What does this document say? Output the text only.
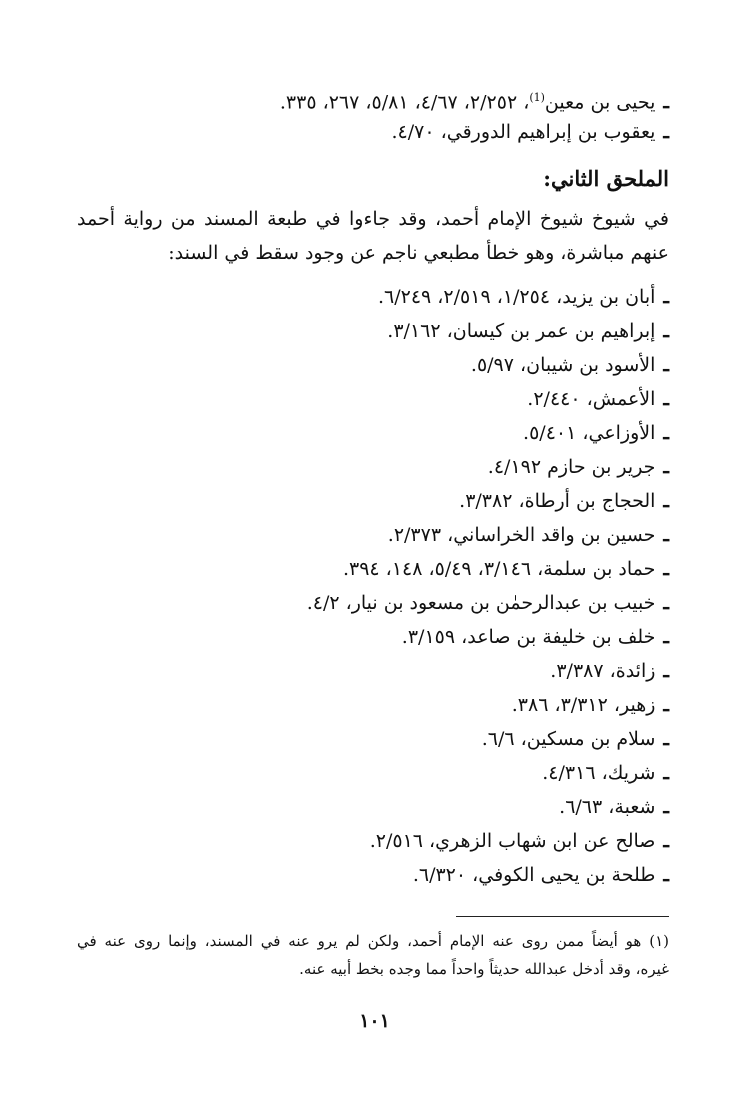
ـيحيى بن معين$^{(1)}$، ٢/٢٥٢، ٤/٦٧، ٥/٨١، ٢٦٧، ٣٣٥.
ـيعقوب بن إبراهيم الدورقي، ٤/٧٠.
الملحق الثاني:
في شيوخ شيوخ الإمام أحمد، وقد جاءوا في طبعة المسند من رواية أحمد
عنهم مباشرة، وهو خطأ مطبعي ناجم عن وجود سقط في السند:
ـأبان بن يزيد، ١/٢٥٤، ٢/٥١٩، ٦/٢٤٩.
ـإبراهيم بن عمر بن كيسان، ٣/١٦٢.
ـالأسود بن شيبان، ٥/٩٧.
ـالأعمش، ٢/٤٤٠.
ـالأوزاعي، ٥/٤٠١.
ـجرير بن حازم ٤/١٩٢.
ـالحجاج بن أرطاة، ٣/٣٨٢.
ـحسين بن واقد الخراساني، ٢/٣٧٣.
ـحماد بن سلمة، ٣/١٤٦، ٥/٤٩، ١٤٨، ٣٩٤.
ـخبيب بن عبدالرحمٰن بن مسعود بن نيار، ٤/٢.
ـخلف بن خليفة بن صاعد، ٣/١٥٩.
ـزائدة، ٣/٣٨٧.
ـزهير، ٣/٣١٢، ٣٨٦.
ـسلام بن مسكين، ٦/٦.
ـشريك، ٤/٣١٦.
ـشعبة، ٦/٦٣.
ـصالح عن ابن شهاب الزهري، ٢/٥١٦.
ـطلحة بن يحيى الكوفي، ٦/٣٢٠.
(١) هو أيضاً ممن روى عنه الإمام أحمد، ولكن لم يرو عنه في المسند، وإنما روى عنه في
غيره، وقد أدخل عبدالله حديثاً واحداً مما وجده بخط أبيه عنه.
١٠١
